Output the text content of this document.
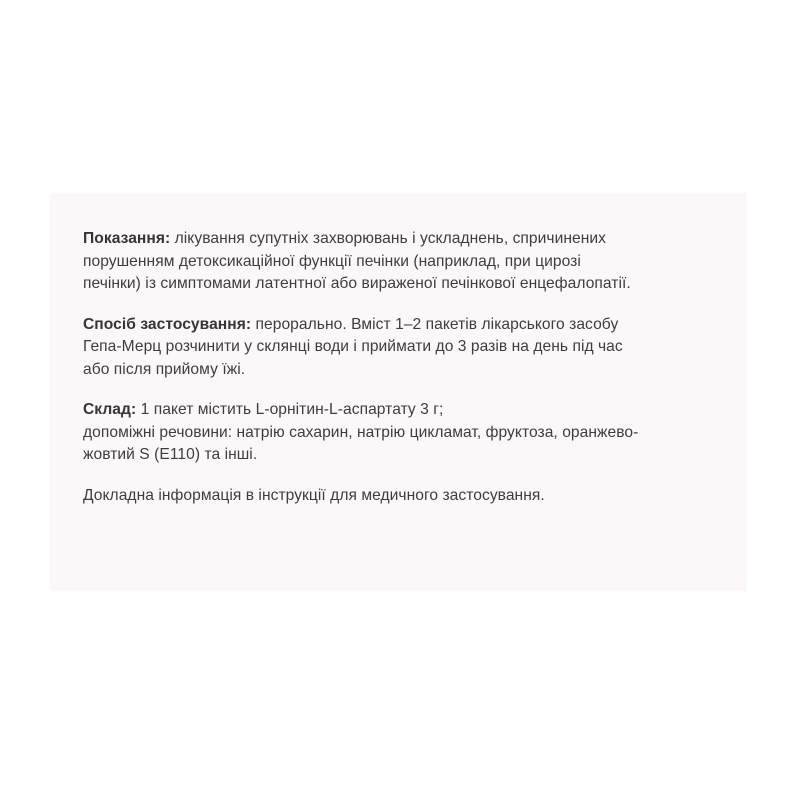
Показання: лікування супутніх захворювань і ускладнень, спричинених
порушенням детоксикаційної функції печінки (наприклад, при цирозі
печінки) із симптомами латентної або вираженої печінкової енцефалопатії.
Спосіб застосування: перорально. Вміст 1–2 пакетів лікарського засобу
Гепа-Мерц розчинити у склянці води і приймати до 3 разів на день під час
або після прийому їжі.
Склад: 1 пакет містить L-орнітин-L-аспартату 3 г;
допоміжні речовини: натрію сахарин, натрію цикламат, фруктоза, оранжево-
жовтий S (E110) та інші.
Докладна інформація в інструкції для медичного застосування.
